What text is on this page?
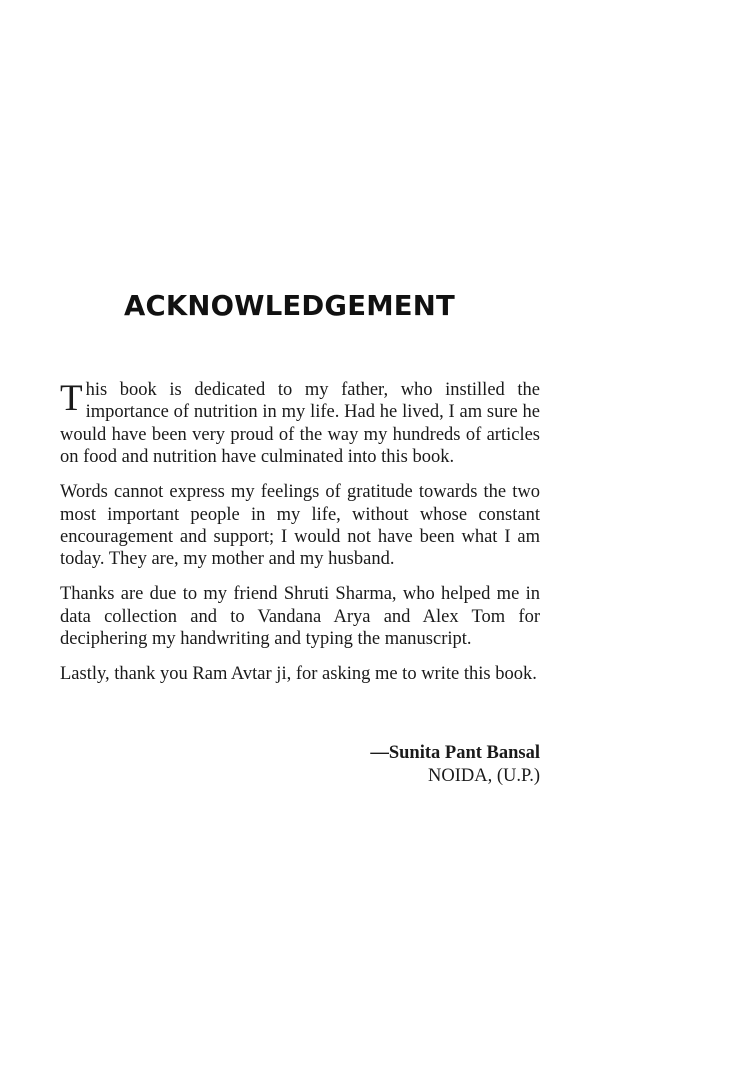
ACKNOWLEDGEMENT

This book is dedicated to my father, who instilled the importance of nutrition in my life. Had he lived, I am sure he would have been very proud of the way my hundreds of articles on food and nutrition have culminated into this book.

Words cannot express my feelings of gratitude towards the two most important people in my life, without whose constant encouragement and support; I would not have been what I am today. They are, my mother and my husband.

Thanks are due to my friend Shruti Sharma, who helped me in data collection and to Vandana Arya and Alex Tom for deciphering my handwriting and typing the manuscript.

Lastly, thank you Ram Avtar ji, for asking me to write this book.

—Sunita Pant Bansal
NOIDA, (U.P.)
